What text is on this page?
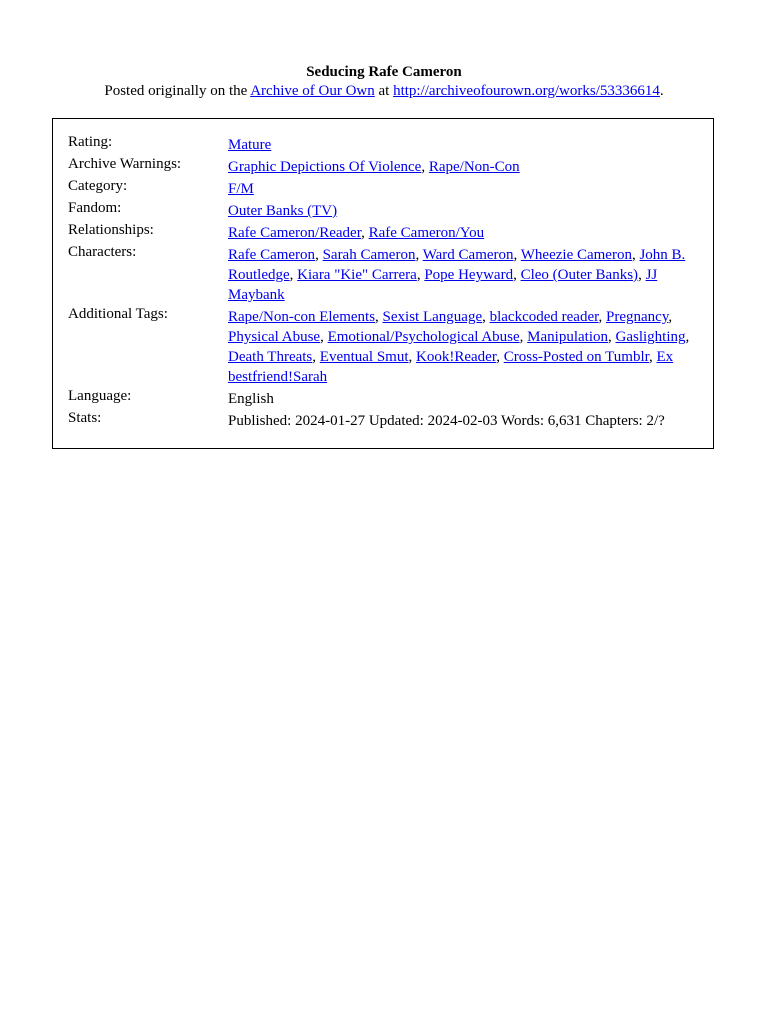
Seducing Rafe Cameron
Posted originally on the Archive of Our Own at http://archiveofourown.org/works/53336614.
Rating:	Mature

Archive Warnings:	Graphic Depictions Of Violence, Rape/Non-Con

Category:	F/M

Fandom:	Outer Banks (TV)

Relationships:	Rafe Cameron/Reader, Rafe Cameron/You

Characters:	Rafe Cameron, Sarah Cameron, Ward Cameron, Wheezie Cameron, John B. Routledge, Kiara "Kie" Carrera, Pope Heyward, Cleo (Outer Banks), JJ Maybank

Additional Tags:	Rape/Non-con Elements, Sexist Language, blackcoded reader, Pregnancy, Physical Abuse, Emotional/Psychological Abuse, Manipulation, Gaslighting, Death Threats, Eventual Smut, Kook!Reader, Cross-Posted on Tumblr, Ex bestfriend!Sarah

Language:	English

Stats:	Published: 2024-01-27 Updated: 2024-02-03 Words: 6,631 Chapters: 2/?
